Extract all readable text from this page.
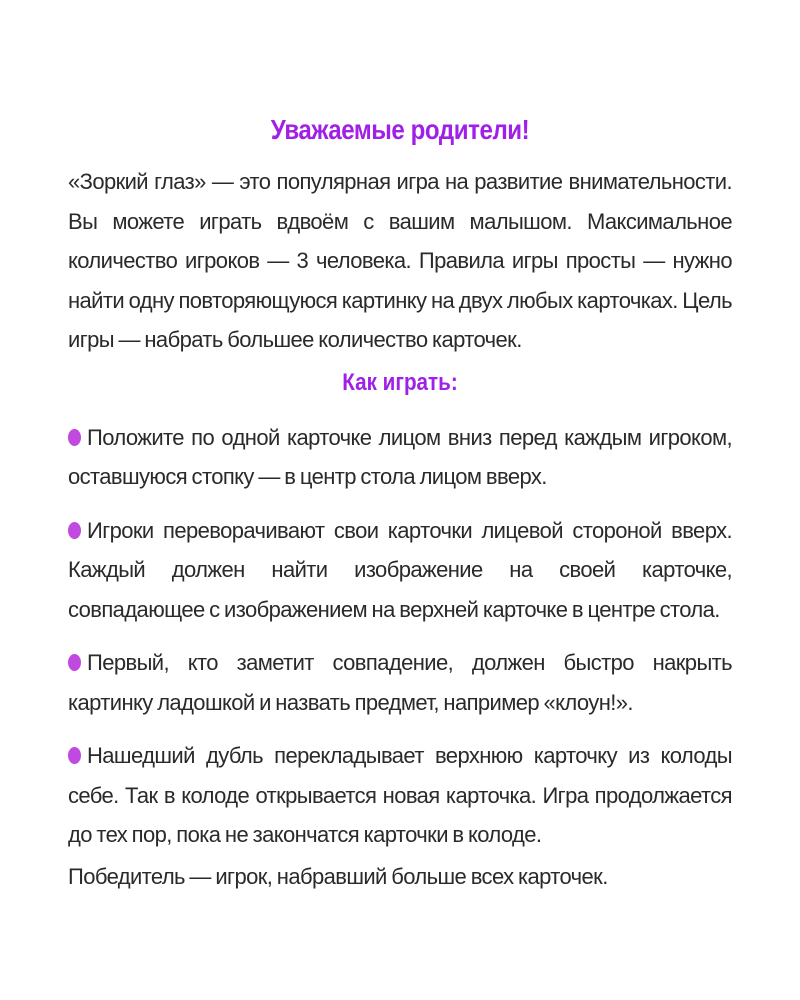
Уважаемые родители!

«Зоркий глаз» — это популярная игра на развитие внимательности. Вы можете играть вдвоём с вашим малышом. Максимальное количество игроков — 3 человека. Правила игры просты — нужно найти одну повторяющуюся картинку на двух любых карточках. Цель игры — набрать большее количество карточек.

Как играть:

Положите по одной карточке лицом вниз перед каждым игроком, оставшуюся стопку — в центр стола лицом вверх.

Игроки переворачивают свои карточки лицевой стороной вверх. Каждый должен найти изображение на своей карточке, совпадающее с изображением на верхней карточке в центре стола.

Первый, кто заметит совпадение, должен быстро накрыть картинку ладошкой и назвать предмет, например «клоун!».

Нашедший дубль перекладывает верхнюю карточку из колоды себе. Так в колоде открывается новая карточка. Игра продолжается до тех пор, пока не закончатся карточки в колоде.

Победитель — игрок, набравший больше всех карточек.
